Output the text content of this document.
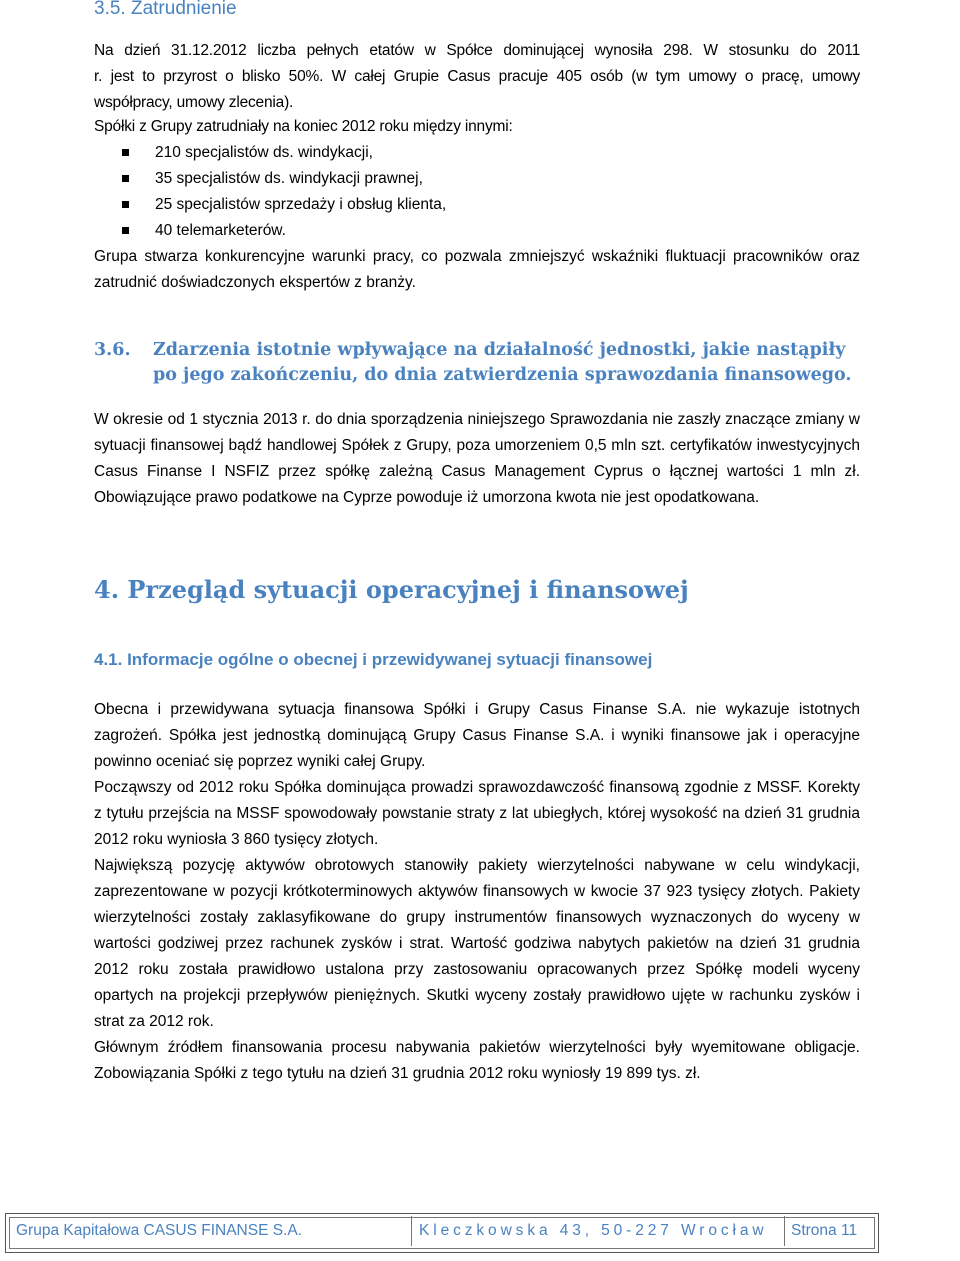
3.5. Zatrudnienie
Na dzień 31.12.2012 liczba pełnych etatów w Spółce dominującej wynosiła 298. W stosunku do 2011
r. jest to przyrost o blisko 50%. W całej Grupie Casus pracuje 405 osób (w tym umowy o pracę, umowy
współpracy, umowy zlecenia).
Spółki z Grupy zatrudniały na koniec 2012 roku między innymi:
210 specjalistów ds. windykacji,
35 specjalistów ds. windykacji prawnej,
25 specjalistów sprzedaży i obsług klienta,
40 telemarketerów.
Grupa stwarza konkurencyjne warunki pracy, co pozwala zmniejszyć wskaźniki fluktuacji pracowników oraz zatrudnić doświadczonych ekspertów z branży.
3.6. Zdarzenia istotnie wpływające na działalność jednostki, jakie nastąpiły po jego zakończeniu, do dnia zatwierdzenia sprawozdania finansowego.
W okresie od 1 stycznia 2013 r. do dnia sporządzenia niniejszego Sprawozdania nie zaszły znaczące zmiany w sytuacji finansowej bądź handlowej Spółek z Grupy, poza umorzeniem 0,5 mln szt. certyfikatów inwestycyjnych Casus Finanse I NSFIZ przez spółkę zależną Casus Management Cyprus o łącznej wartości 1 mln zł. Obowiązujące prawo podatkowe na Cyprze powoduje iż umorzona kwota nie jest opodatkowana.
4. Przegląd sytuacji operacyjnej i finansowej
4.1. Informacje ogólne o obecnej i przewidywanej sytuacji finansowej
Obecna i przewidywana sytuacja finansowa Spółki i Grupy Casus Finanse S.A. nie wykazuje istotnych zagrożeń. Spółka jest jednostką dominującą Grupy Casus Finanse S.A. i wyniki finansowe jak i operacyjne powinno oceniać się poprzez wyniki całej Grupy.
Począwszy od 2012 roku Spółka dominująca prowadzi sprawozdawczość finansową zgodnie z MSSF. Korekty z tytułu przejścia na MSSF spowodowały powstanie straty z lat ubiegłych, której wysokość na dzień 31 grudnia 2012 roku wyniosła 3 860 tysięcy złotych.
Największą pozycję aktywów obrotowych stanowiły pakiety wierzytelności nabywane w celu windykacji, zaprezentowane w pozycji krótkoterminowych aktywów finansowych w kwocie 37 923 tysięcy złotych. Pakiety wierzytelności zostały zaklasyfikowane do grupy instrumentów finansowych wyznaczonych do wyceny w wartości godziwej przez rachunek zysków i strat. Wartość godziwa nabytych pakietów na dzień 31 grudnia 2012 roku została prawidłowo ustalona przy zastosowaniu opracowanych przez Spółkę modeli wyceny opartych na projekcji przepływów pieniężnych. Skutki wyceny zostały prawidłowo ujęte w rachunku zysków i strat za 2012 rok.
Głównym źródłem finansowania procesu nabywania pakietów wierzytelności były wyemitowane obligacje. Zobowiązania Spółki z tego tytułu na dzień 31 grudnia 2012 roku wyniosły 19 899 tys. zł.
Grupa Kapitałowa CASUS FINANSE S.A.	Kleczkowska 43, 50-227 Wrocław Strona 11
